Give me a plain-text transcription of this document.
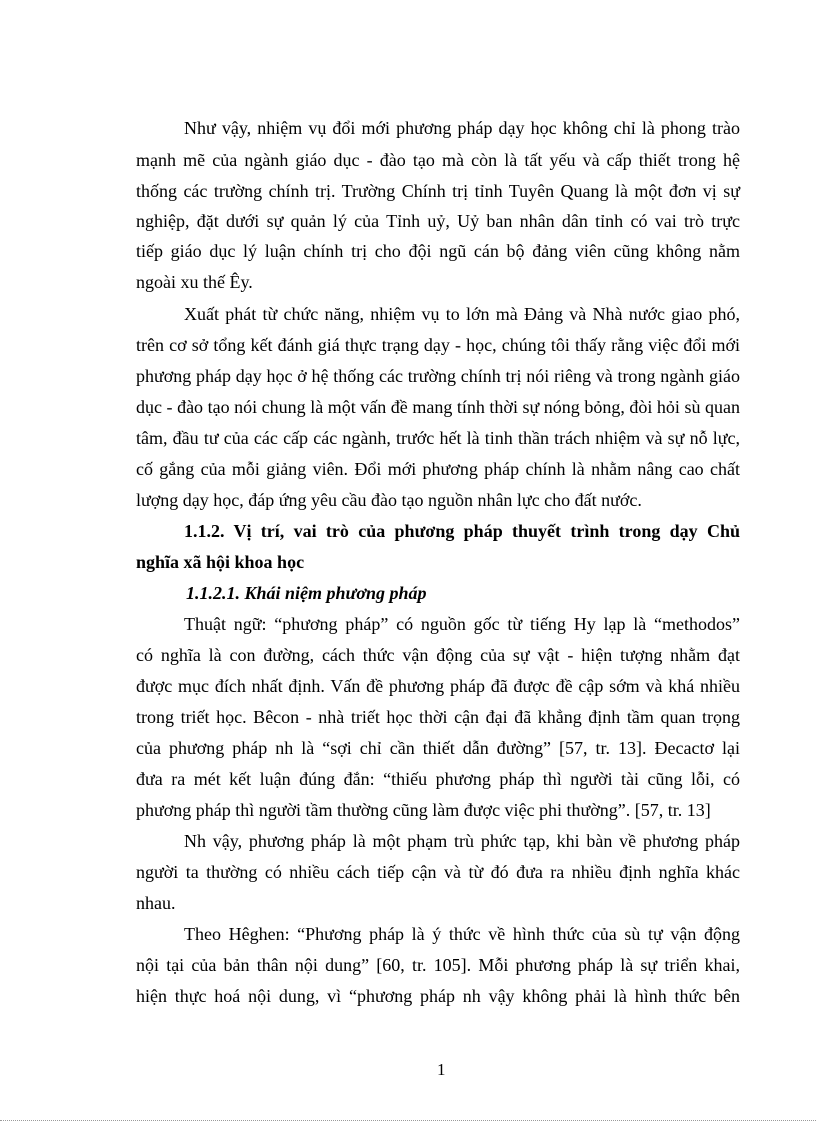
Như vậy, nhiệm vụ đổi mới phương pháp dạy học không chỉ là phong trào

mạnh mẽ của ngành giáo dục - đào tạo mà còn là tất yếu và cấp thiết trong hệ

thống các trường chính trị. Trường Chính trị tỉnh Tuyên Quang là một đơn vị sự

nghiệp, đặt dưới sự quản lý của Tỉnh uỷ, Uỷ ban nhân dân tỉnh có vai trò trực

tiếp giáo dục lý luận chính trị cho đội ngũ cán bộ đảng viên cũng không nằm

ngoài xu thế Êy.

Xuất phát từ chức năng, nhiệm vụ to lớn mà Đảng và Nhà nước giao phó,

trên cơ sở tổng kết đánh giá thực trạng dạy - học, chúng tôi thấy rằng việc đổi mới

phương pháp dạy học ở hệ thống các trường chính trị nói riêng và trong ngành giáo

dục - đào tạo nói chung là một vấn đề mang tính thời sự nóng bỏng, đòi hỏi sù quan

tâm, đầu tư của các cấp các ngành, trước hết là tinh thần trách nhiệm và sự nỗ lực,

cố gắng của mỗi giảng viên. Đổi mới phương pháp chính là nhằm nâng cao chất

lượng dạy học, đáp ứng yêu cầu đào tạo nguồn nhân lực cho đất nước.

1.1.2. Vị trí, vai trò của phương pháp thuyết trình trong dạy Chủ

nghĩa xã hội khoa học

1.1.2.1. Khái niệm phương pháp

Thuật ngữ: “phương pháp” có nguồn gốc từ tiếng Hy lạp là “methodos”

có nghĩa là con đường, cách thức vận động của sự vật - hiện tượng nhằm đạt

được mục đích nhất định. Vấn đề phương pháp đã được đề cập sớm và khá nhiều

trong triết học. Bêcon - nhà triết học thời cận đại đã khẳng định tầm quan trọng

của phương pháp nh là “sợi chỉ cần thiết dẫn đường” [57, tr. 13]. Đecactơ lại

đưa ra mét kết luận đúng đắn: “thiếu phương pháp thì người tài cũng lỗi, có

phương pháp thì người tầm thường cũng làm được việc phi thường”. [57, tr. 13]

Nh vậy, phương pháp là một phạm trù phức tạp, khi bàn về phương pháp

người ta thường có nhiều cách tiếp cận và từ đó đưa ra nhiều định nghĩa khác

nhau.

Theo Hêghen: “Phương pháp là ý thức về hình thức của sù tự vận động

nội tại của bản thân nội dung” [60, tr. 105]. Mỗi phương pháp là sự triển khai,

hiện thực hoá nội dung, vì “phương pháp nh vậy không phải là hình thức bên

1
